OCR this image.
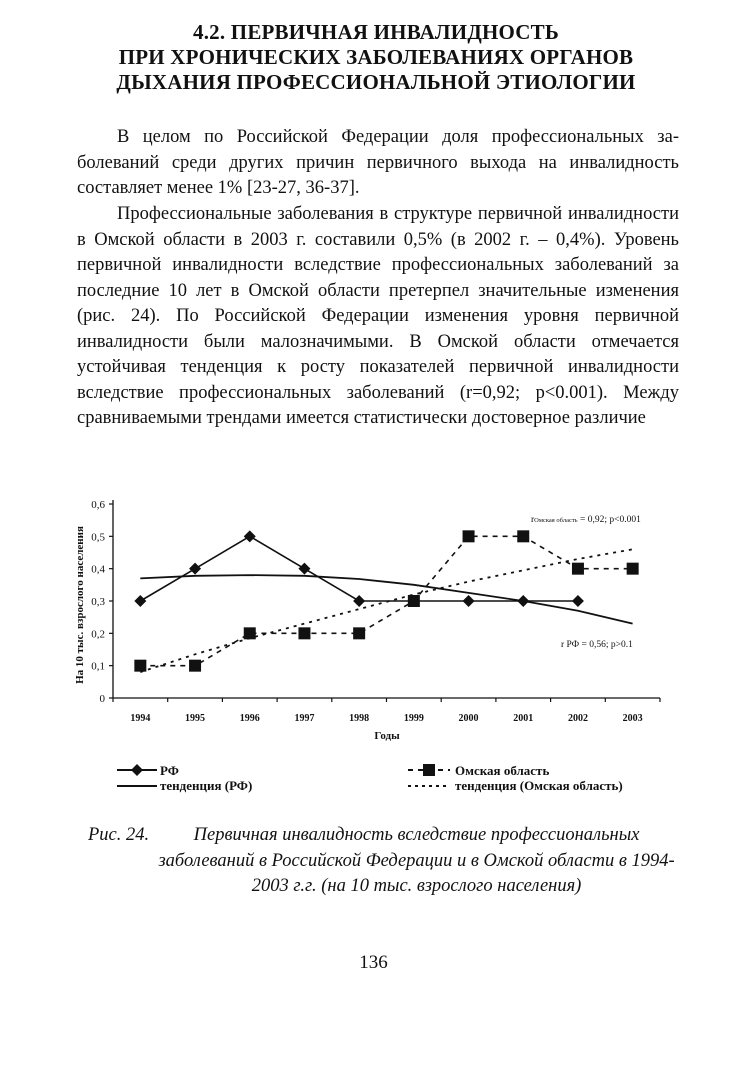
4.2. ПЕРВИЧНАЯ ИНВАЛИДНОСТЬ
ПРИ ХРОНИЧЕСКИХ ЗАБОЛЕВАНИЯХ ОРГАНОВ
ДЫХАНИЯ ПРОФЕССИОНАЛЬНОЙ ЭТИОЛОГИИ

В целом по Российской Федерации доля профессиональных заболеваний среди других причин первичного выхода на инвалидность составляет менее 1% [23-27, 36-37].

Профессиональные заболевания в структуре первичной инвалидности в Омской области в 2003 г. составили 0,5% (в 2002 г. – 0,4%). Уровень первичной инвалидности вследствие профессиональных заболеваний за последние 10 лет в Омской области претерпел значительные изменения (рис. 24). По Российской Федерации изменения уровня первичной инвалидности были малозначимыми. В Омской области отмечается устойчивая тенденция к росту показателей первичной инвалидности вследствие профессиональных заболеваний (r=0,92; p<0.001). Между сравниваемыми трендами имеется статистически достоверное различие

0
0,1
0,2
0,3
0,4
0,5
0,6
1994	1995	1996	1997	1998	1999	2000	2001	2002	2003
На 10 тыс. взрослого населения
Годы
rОмская область = 0,92; p<0.001
r РФ = 0,56; p>0.1
РФ
тенденция (РФ)
Омская область
тенденция (Омская область)
Рис. 24.	Первичная инвалидность вследствие профессиональных заболеваний в Российской Федерации и в Омской области в 1994-2003 г.г. (на 10 тыс. взрослого населения)
136
